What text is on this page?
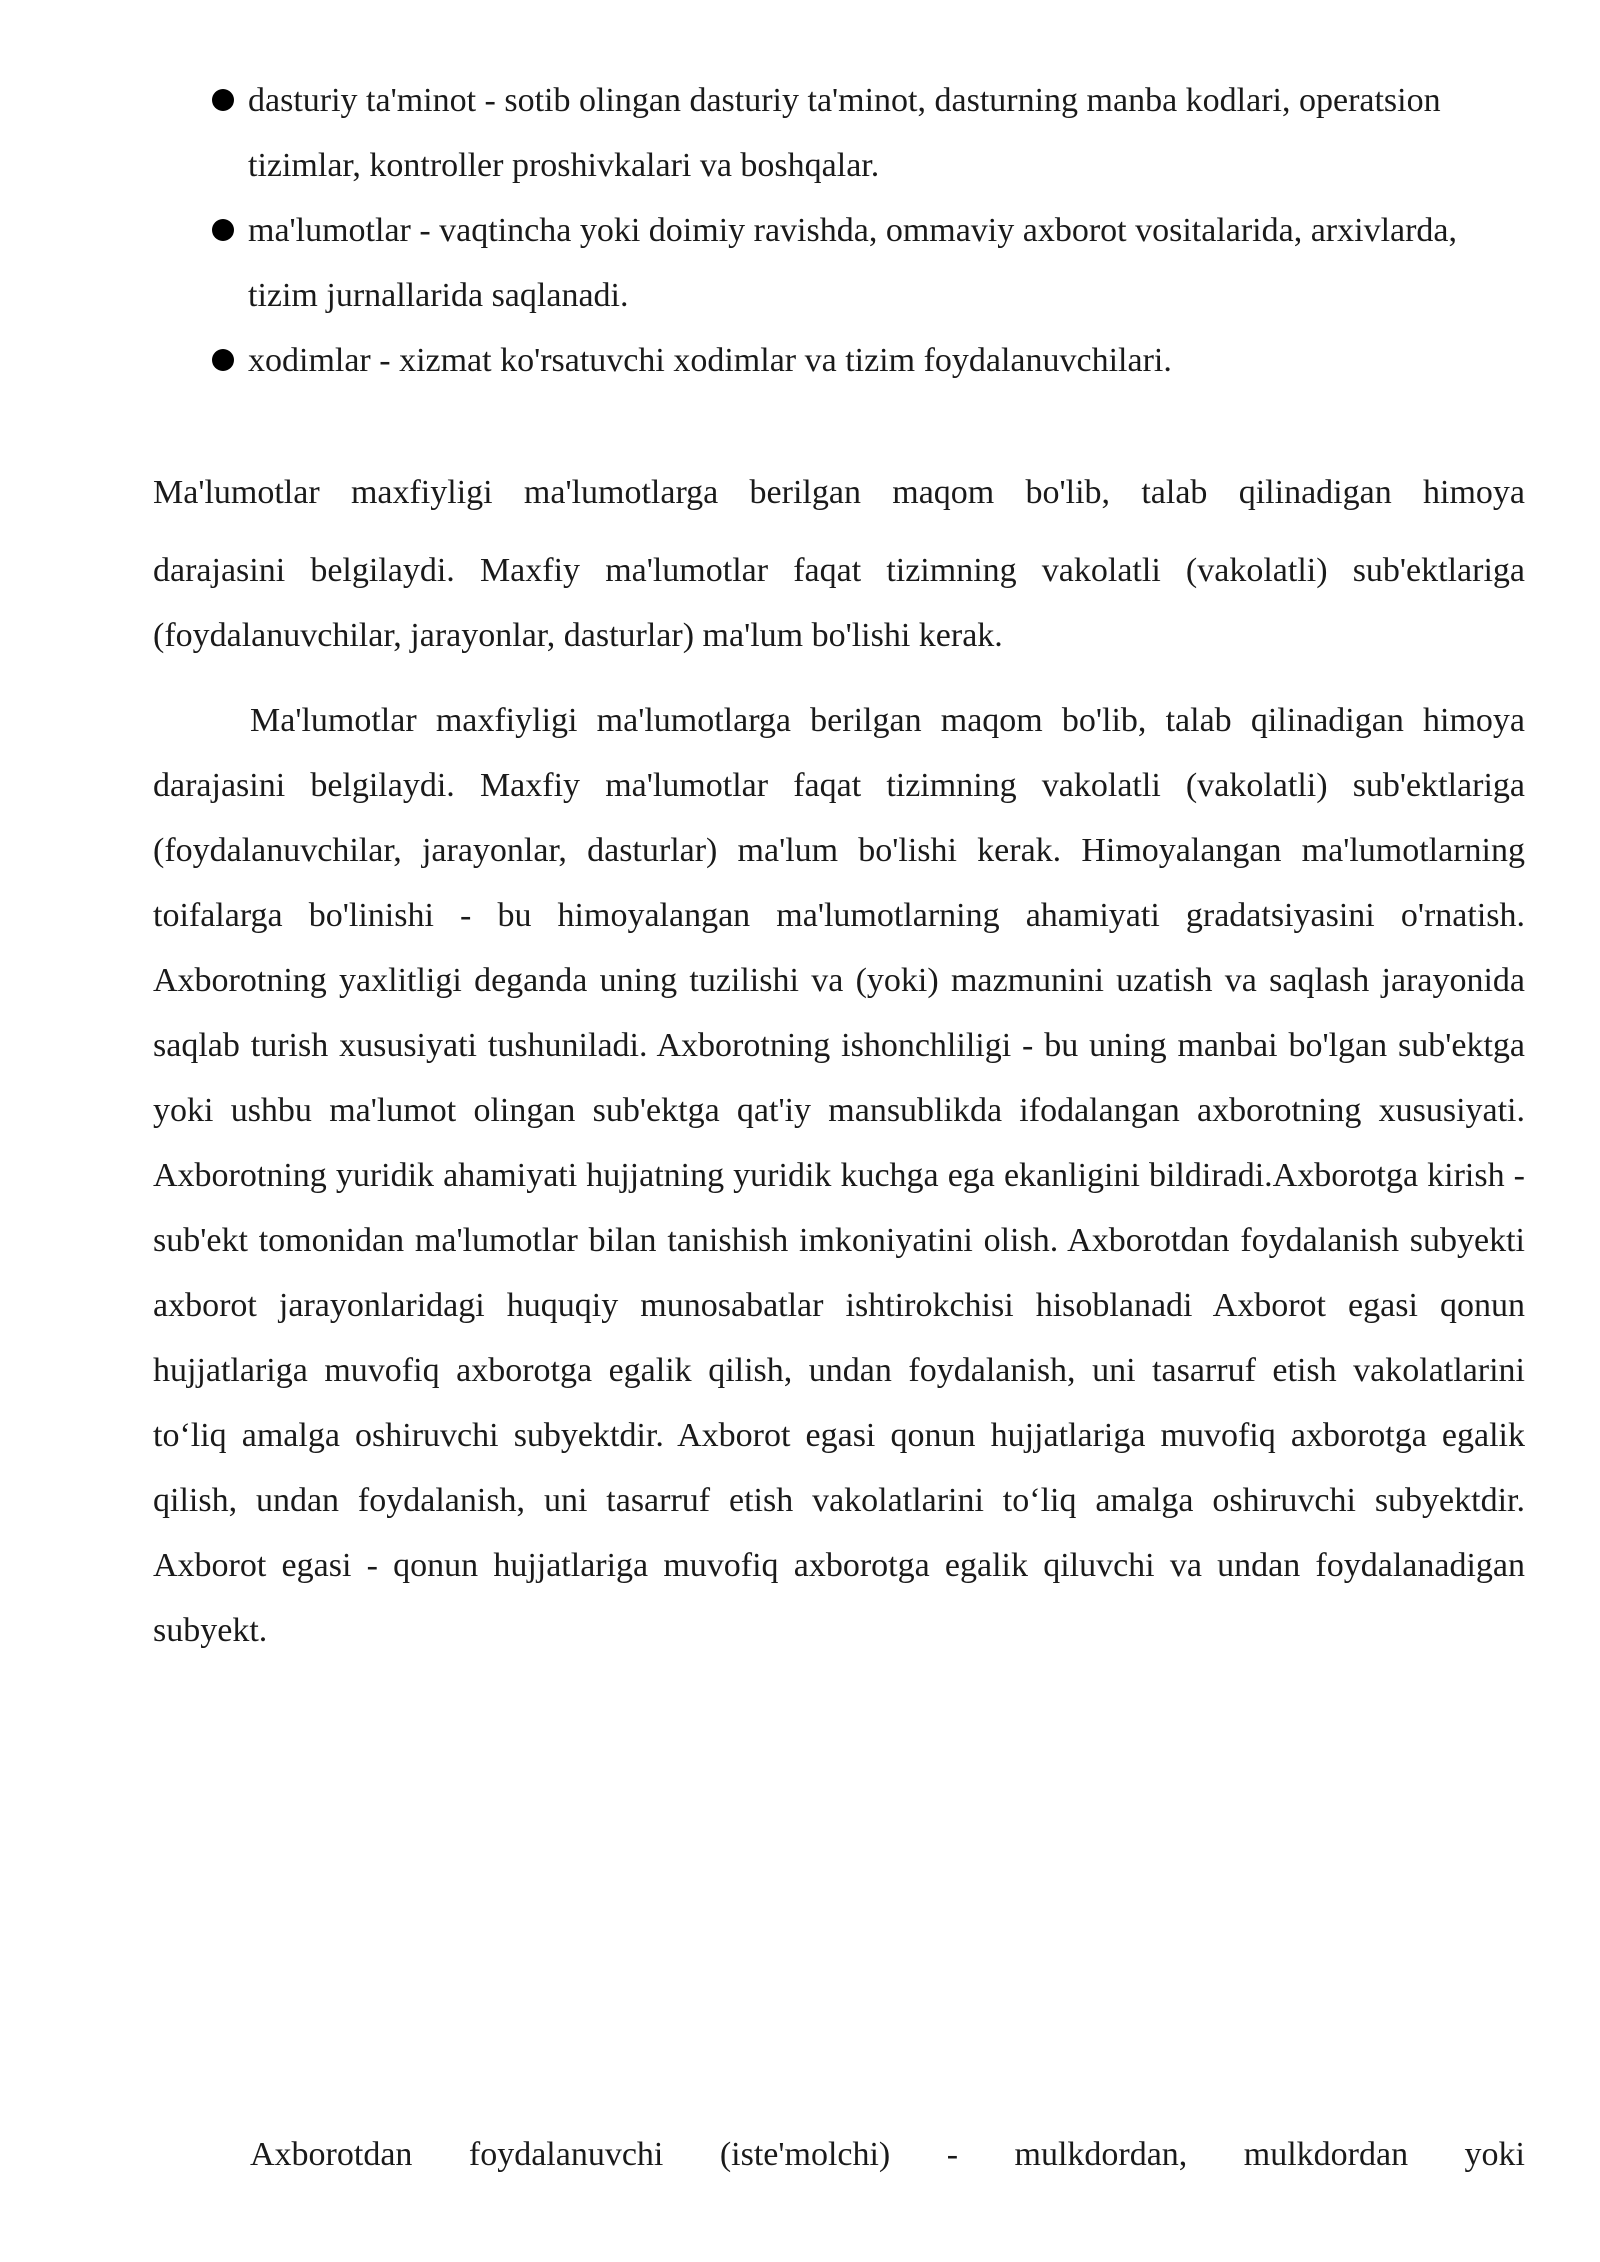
dasturiy ta'minot - sotib olingan dasturiy ta'minot, dasturning manba kodlari, operatsion tizimlar, kontroller proshivkalari va boshqalar.
ma'lumotlar - vaqtincha yoki doimiy ravishda, ommaviy axborot vositalarida, arxivlarda, tizim jurnallarida saqlanadi.
xodimlar - xizmat ko'rsatuvchi xodimlar va tizim foydalanuvchilari.

Ma'lumotlar maxfiyligi ma'lumotlarga berilgan maqom bo'lib, talab qilinadigan himoya
darajasini belgilaydi. Maxfiy ma'lumotlar faqat tizimning vakolatli (vakolatli) sub'ektlariga (foydalanuvchilar, jarayonlar, dasturlar) ma'lum bo'lishi kerak.

Ma'lumotlar maxfiyligi ma'lumotlarga berilgan maqom bo'lib, talab qilinadigan himoya darajasini belgilaydi. Maxfiy ma'lumotlar faqat tizimning vakolatli (vakolatli) sub'ektlariga (foydalanuvchilar, jarayonlar, dasturlar) ma'lum bo'lishi kerak. Himoyalangan ma'lumotlarning toifalarga bo'linishi - bu himoyalangan ma'lumotlarning ahamiyati gradatsiyasini o'rnatish. Axborotning yaxlitligi deganda uning tuzilishi va (yoki) mazmunini uzatish va saqlash jarayonida saqlab turish xususiyati tushuniladi. Axborotning ishonchliligi - bu uning manbai bo'lgan sub'ektga yoki ushbu ma'lumot olingan sub'ektga qat'iy mansublikda ifodalangan axborotning xususiyati. Axborotning yuridik ahamiyati hujjatning yuridik kuchga ega ekanligini bildiradi.Axborotga kirish - sub'ekt tomonidan ma'lumotlar bilan tanishish imkoniyatini olish. Axborotdan foydalanish subyekti axborot jarayonlaridagi huquqiy munosabatlar ishtirokchisi hisoblanadi Axborot egasi qonun hujjatlariga muvofiq axborotga egalik qilish, undan foydalanish, uni tasarruf etish vakolatlarini to‘liq amalga oshiruvchi subyektdir. Axborot egasi qonun hujjatlariga muvofiq axborotga egalik qilish, undan foydalanish, uni tasarruf etish vakolatlarini to‘liq amalga oshiruvchi subyektdir. Axborot egasi - qonun hujjatlariga muvofiq axborotga egalik qiluvchi va undan foydalanadigan subyekt.

Axborotdan foydalanuvchi (iste'molchi) - mulkdordan, mulkdordan yoki
